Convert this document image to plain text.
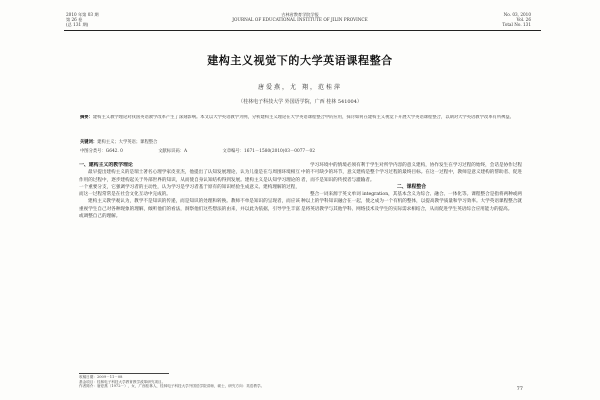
2010 年第 03 期
第 26 卷
(总 131 期)
吉林省教育学院学报
JOURNAL OF EDUCATIONAL INSTITUTE OF JILIN PROVINCE
No. 03, 2010
Vol. 26
Total No. 131
建构主义视觉下的大学英语课程整合
唐爱燕，尤 翔，范桂萍
（桂林电子科技大学 外国语学院，广西 桂林 541004）
摘要：建构主义教学理论对我国英语教学改革产生了深刻影响。本文以大学英语教学为例，分析建构主义理论在大学英语课程整合中的应用，探讨如何在建构主义视觉下开展大学英语课程整合，以期对大学英语教学改革有所裨益。
关键词：建构主义；大学英语；课程整合
中图分类号：G642. 0	文献标识码：A	文章编号：1671－1580(2010)03－0077－02
一、建构主义的教学理论
最早提出建构主义的是瑞士著名心理学家皮亚杰，他提出了认知发展理论，认为儿童是在与周围环境相互作用的过程中，逐步建构起关于外部世界的知识，从而使自身认知结构得到发展。建构主义是认知学习理论的一个重要分支，它强调学习者的主动性，认为学习是学习者基于原有的知识经验生成意义、建构理解的过程，而这一过程常常是在社会文化互动中完成的。
建构主义教学观认为，教学不是知识的传递，而是知识的处理和转换。教师不单是知识的呈现者，而应该重视学生自己对各种现象的理解，倾听他们的看法，洞察他们这些想法的由来，并以此为依据，引导学生丰富或调整自己的理解。
学习环境中的情境必须有利于学生对所学内容的意义建构，协作发生在学习过程的始终，会话是协作过程中的不可缺少的环节，意义建构是整个学习过程的最终目标。在这一过程中，教师是意义建构的帮助者、促进者，而不是知识的传授者与灌输者。
二、课程整合
整合一词来源于英文单词 integration，其基本含义为综合、融合、一体化等。课程整合是指将两种或两种以上的学科知识融合在一起，使之成为一个有机的整体，以提高教学质量和学习效率。大学英语课程整合就是将英语教学与其他学科、网络技术及学生的实际需求相结合，从而促进学生英语综合应用能力的提高。
收稿日期：2009－11－08
基金项目：桂林电子科技大学教育教学改革研究项目。
作者简介：唐爱燕（1972－），女，广西桂林人，桂林电子科技大学外国语学院讲师，硕士，研究方向：英语教学。	77
